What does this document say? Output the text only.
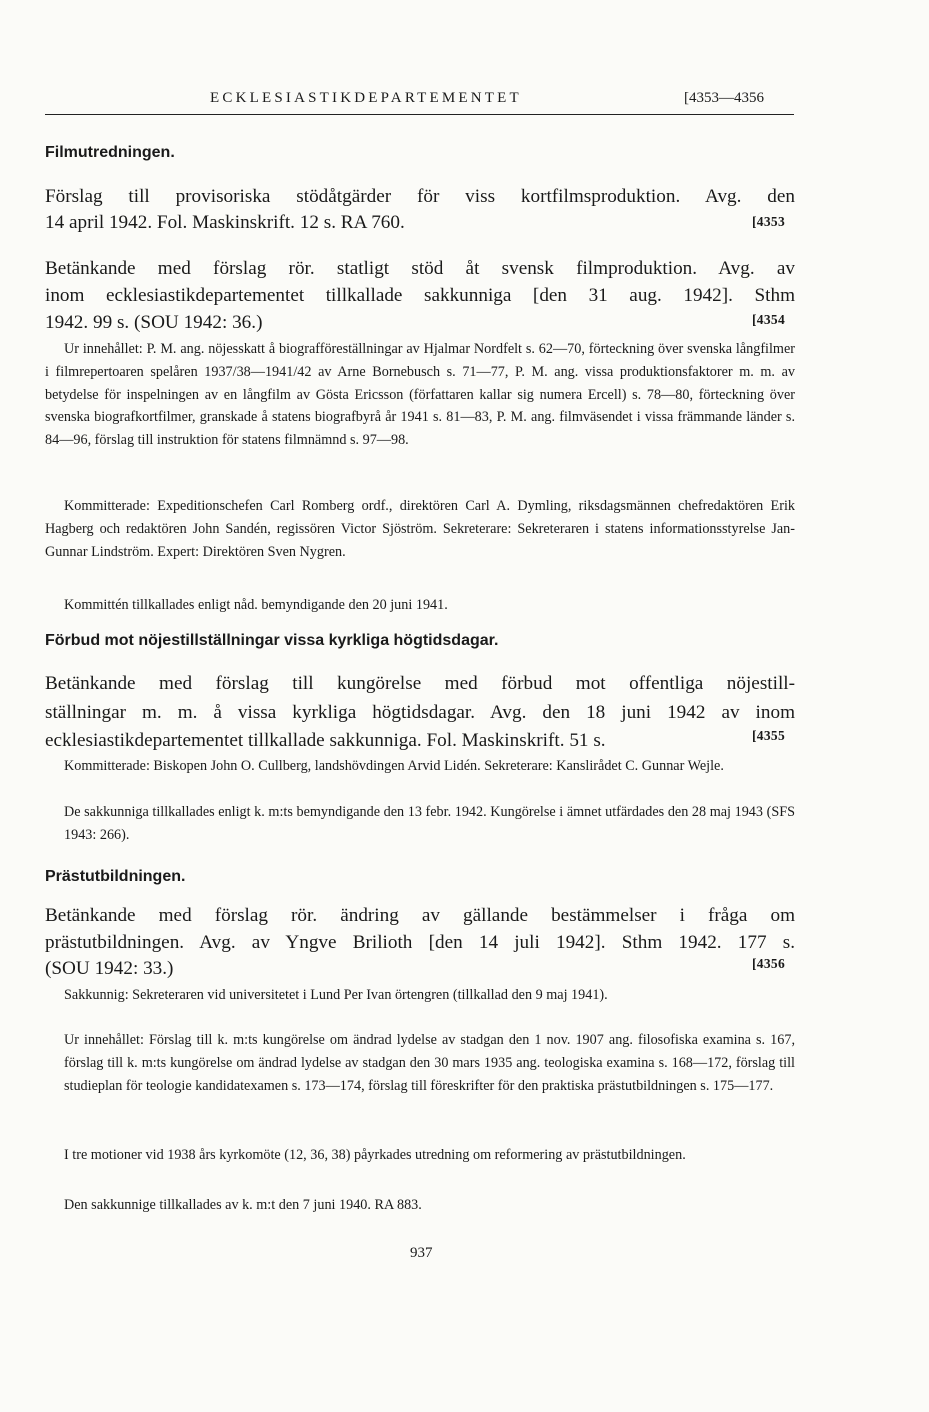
ECKLESIASTIKDEPARTEMENTET	[4353—4356
Filmutredningen.
Förslag till provisoriska stödåtgärder för viss kortfilmsproduktion. Avg. den
14 april 1942. Fol. Maskinskrift. 12 s. RA 760.	[4353
Betänkande med förslag rör. statligt stöd åt svensk filmproduktion. Avg. av
inom ecklesiastikdepartementet tillkallade sakkunniga [den 31 aug. 1942]. Sthm
1942. 99 s. (SOU 1942: 36.)	[4354
Ur innehållet: P. M. ang. nöjesskatt å biografföreställningar av Hjalmar Nordfelt s. 62—70, förteckning över svenska långfilmer i filmrepertoaren spelåren 1937/38—1941/42 av Arne Bornebusch s. 71—77, P. M. ang. vissa produktionsfaktorer m. m. av betydelse för inspelningen av en långfilm av Gösta Ericsson (författaren kallar sig numera Ercell) s. 78—80, förteckning över svenska biografkortfilmer, granskade å statens biografbyrå år 1941 s. 81—83, P. M. ang. filmväsendet i vissa främmande länder s. 84—96, förslag till instruktion för statens filmnämnd s. 97—98.
Kommitterade: Expeditionschefen Carl Romberg ordf., direktören Carl A. Dymling, riksdagsmännen chefredaktören Erik Hagberg och redaktören John Sandén, regissören Victor Sjöström. Sekreterare: Sekreteraren i statens informationsstyrelse Jan-Gunnar Lindström. Expert: Direktören Sven Nygren.
Kommittén tillkallades enligt nåd. bemyndigande den 20 juni 1941.
Förbud mot nöjestillställningar vissa kyrkliga högtidsdagar.
Betänkande med förslag till kungörelse med förbud mot offentliga nöjestill-
ställningar m. m. å vissa kyrkliga högtidsdagar. Avg. den 18 juni 1942 av inom
ecklesiastikdepartementet tillkallade sakkunniga. Fol. Maskinskrift. 51 s.	[4355
Kommitterade: Biskopen John O. Cullberg, landshövdingen Arvid Lidén. Sekreterare: Kanslirådet C. Gunnar Wejle.
De sakkunniga tillkallades enligt k. m:ts bemyndigande den 13 febr. 1942. Kungörelse i ämnet utfärdades den 28 maj 1943 (SFS 1943: 266).
Prästutbildningen.
Betänkande med förslag rör. ändring av gällande bestämmelser i fråga om
prästutbildningen. Avg. av Yngve Brilioth [den 14 juli 1942]. Sthm 1942. 177 s.
(SOU 1942: 33.)	[4356
Sakkunnig: Sekreteraren vid universitetet i Lund Per Ivan örtengren (tillkallad den 9 maj 1941).
Ur innehållet: Förslag till k. m:ts kungörelse om ändrad lydelse av stadgan den 1 nov. 1907 ang. filosofiska examina s. 167, förslag till k. m:ts kungörelse om ändrad lydelse av stadgan den 30 mars 1935 ang. teologiska examina s. 168—172, förslag till studieplan för teologie kandidatexamen s. 173—174, förslag till föreskrifter för den praktiska prästutbildningen s. 175—177.
I tre motioner vid 1938 års kyrkomöte (12, 36, 38) påyrkades utredning om reformering av prästutbildningen.
Den sakkunnige tillkallades av k. m:t den 7 juni 1940. RA 883.
937
